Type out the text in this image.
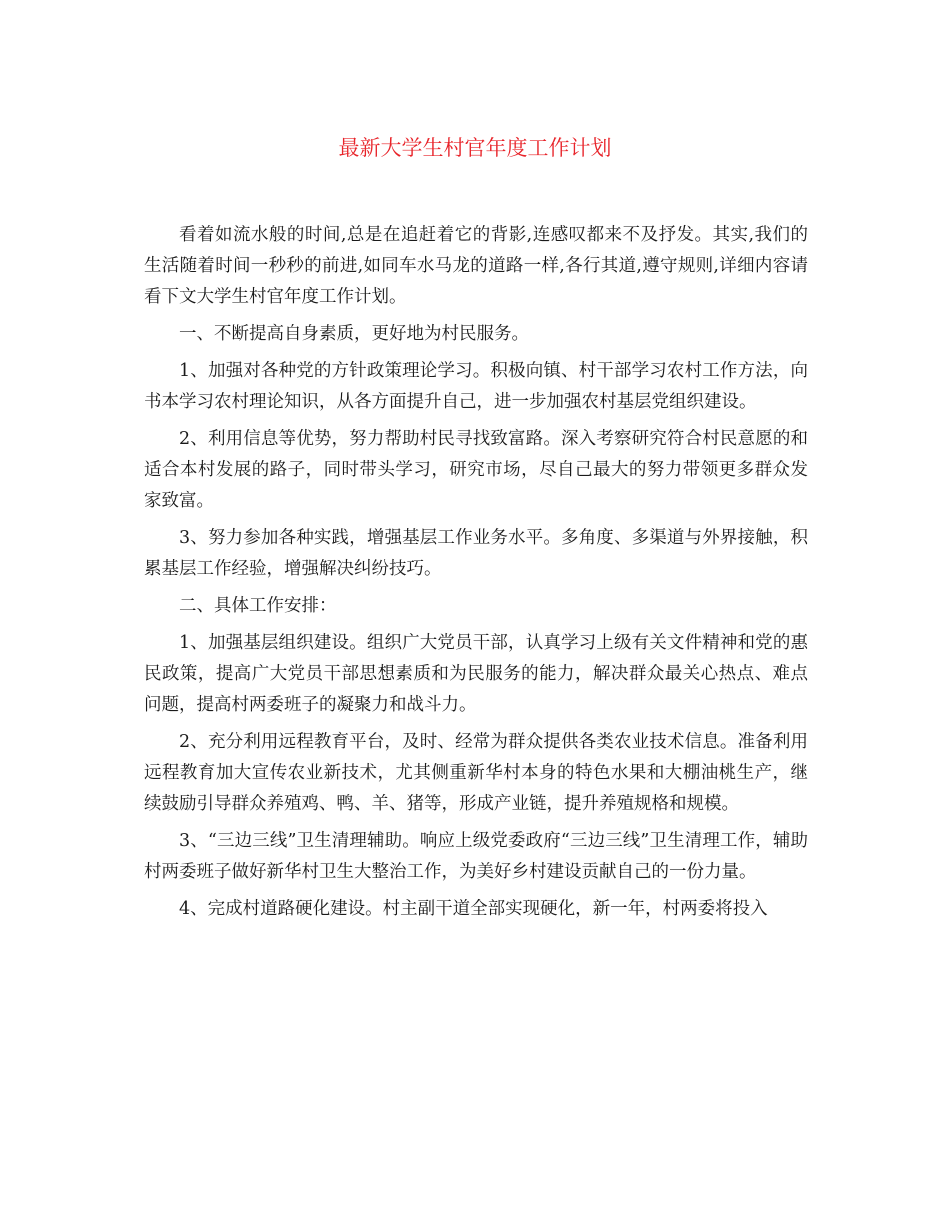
最新大学生村官年度工作计划

看着如流水般的时间,总是在追赶着它的背影,连感叹都来不及抒发。其实,我们的生活随着时间一秒秒的前进,如同车水马龙的道路一样,各行其道,遵守规则,详细内容请看下文大学生村官年度工作计划。

一、不断提高自身素质，更好地为村民服务。

1、加强对各种党的方针政策理论学习。积极向镇、村干部学习农村工作方法，向书本学习农村理论知识，从各方面提升自己，进一步加强农村基层党组织建设。

2、利用信息等优势，努力帮助村民寻找致富路。深入考察研究符合村民意愿的和适合本村发展的路子，同时带头学习，研究市场，尽自己最大的努力带领更多群众发家致富。

3、努力参加各种实践，增强基层工作业务水平。多角度、多渠道与外界接触，积累基层工作经验，增强解决纠纷技巧。

二、具体工作安排：

1、加强基层组织建设。组织广大党员干部，认真学习上级有关文件精神和党的惠民政策，提高广大党员干部思想素质和为民服务的能力，解决群众最关心热点、难点问题，提高村两委班子的凝聚力和战斗力。

2、充分利用远程教育平台，及时、经常为群众提供各类农业技术信息。准备利用远程教育加大宣传农业新技术，尤其侧重新华村本身的特色水果和大棚油桃生产，继续鼓励引导群众养殖鸡、鸭、羊、猪等，形成产业链，提升养殖规格和规模。

3、“三边三线”卫生清理辅助。响应上级党委政府“三边三线”卫生清理工作，辅助村两委班子做好新华村卫生大整治工作，为美好乡村建设贡献自己的一份力量。

4、完成村道路硬化建设。村主副干道全部实现硬化，新一年，村两委将投入
